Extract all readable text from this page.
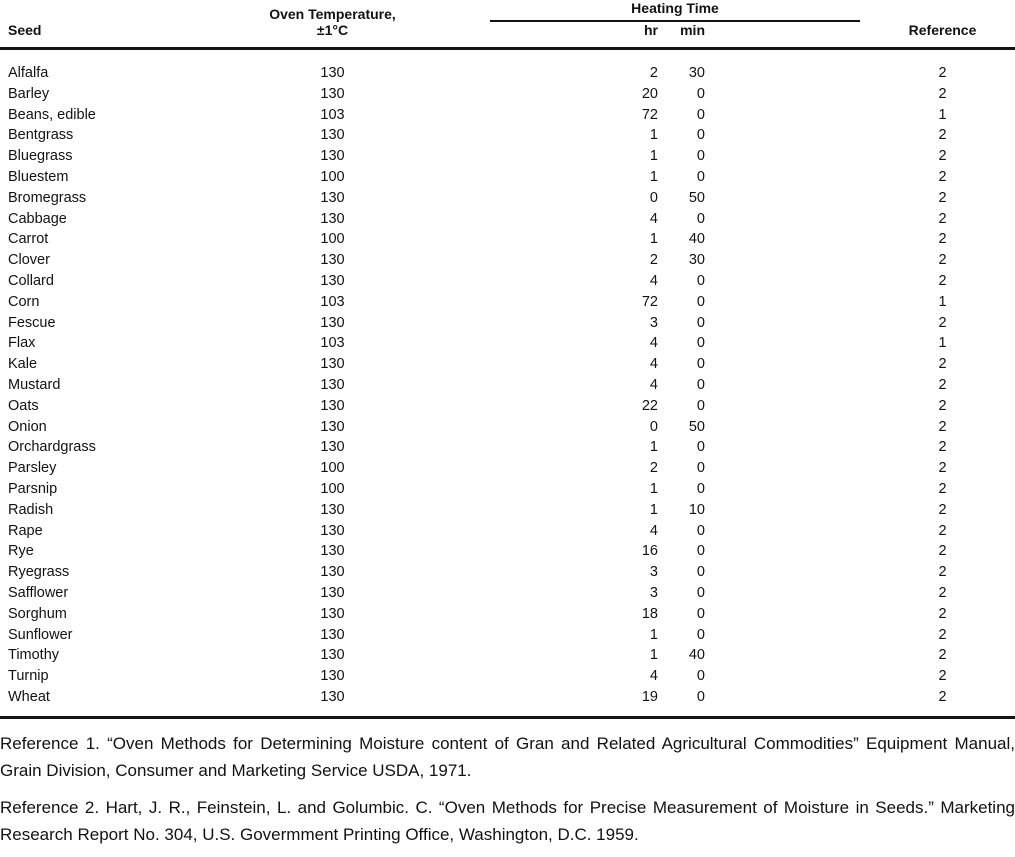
	Oven Temperature,	Heating Time			

Seed	±1°C	hr	min		Reference
Alfalfa	130	2	30		2
Barley	130	20	0		2
Beans, edible	103	72	0		1
Bentgrass	130	1	0		2
Bluegrass	130	1	0		2
Bluestem	100	1	0		2
Bromegrass	130	0	50		2
Cabbage	130	4	0		2
Carrot	100	1	40		2
Clover	130	2	30		2
Collard	130	4	0		2
Corn	103	72	0		1
Fescue	130	3	0		2
Flax	103	4	0		1
Kale	130	4	0		2
Mustard	130	4	0		2
Oats	130	22	0		2
Onion	130	0	50		2
Orchardgrass	130	1	0		2
Parsley	100	2	0		2
Parsnip	100	1	0		2
Radish	130	1	10		2
Rape	130	4	0		2
Rye	130	16	0		2
Ryegrass	130	3	0		2
Safflower	130	3	0		2
Sorghum	130	18	0		2
Sunflower	130	1	0		2
Timothy	130	1	40		2
Turnip	130	4	0		2
Wheat	130	19	0		2

Reference 1. “Oven Methods for Determining Moisture content of Gran and Related Agricultural Commodities” Equipment Manual, Grain Division, Consumer and Marketing Service USDA, 1971.

Reference 2. Hart, J. R., Feinstein, L. and Golumbic. C. “Oven Methods for Precise Measurement of Moisture in Seeds.” Marketing Research Report No. 304, U.S. Govermment Printing Office, Washington, D.C. 1959.
